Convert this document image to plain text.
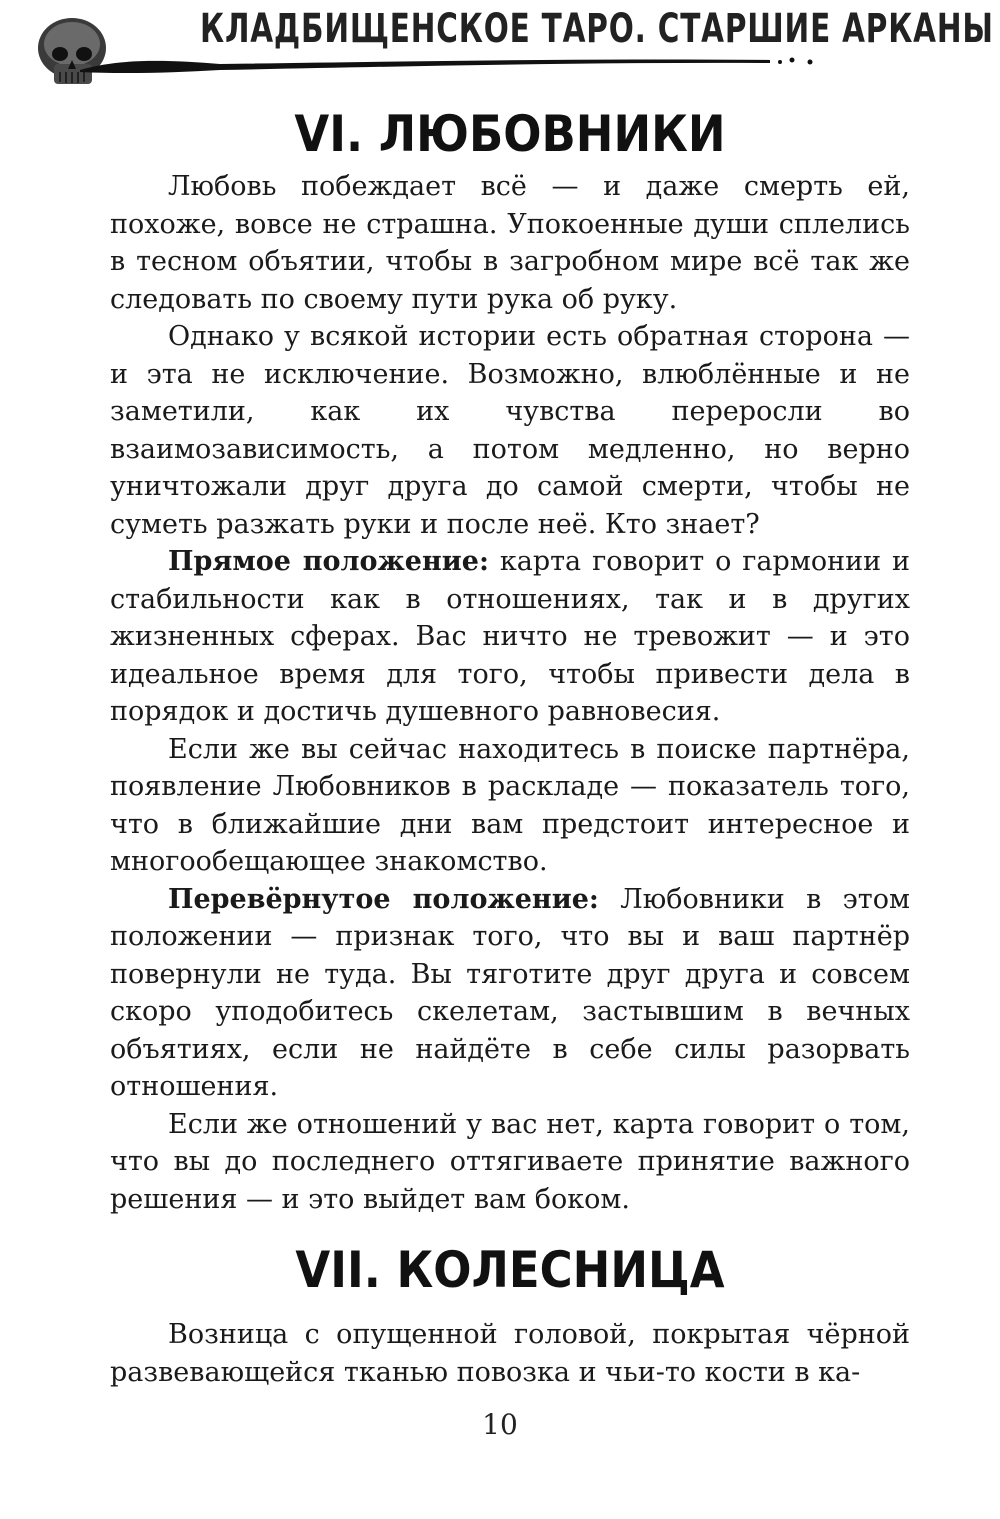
КЛАДБИЩЕНСКОЕ ТАРО. СТАРШИЕ АРКАНЫ
VI. ЛЮБОВНИКИ

Любовь побеждает всё — и даже смерть ей, похоже, вовсе не страшна. Упокоенные души сплелись в тесном объятии, чтобы в загробном мире всё так же следовать по своему пути рука об руку.

Однако у всякой истории есть обратная сторона — и эта не исключение. Возможно, влюблённые и не заметили, как их чувства переросли во взаимозависимость, а потом медленно, но верно уничтожали друг друга до самой смерти, чтобы не суметь разжать руки и после неё. Кто знает?

Прямое положение: карта говорит о гармонии и стабильности как в отношениях, так и в других жизненных сферах. Вас ничто не тревожит — и это идеальное время для того, чтобы привести дела в порядок и достичь душевного равновесия.

Если же вы сейчас находитесь в поиске партнёра, появление Любовников в раскладе — показатель того, что в ближайшие дни вам предстоит интересное и многообещающее знакомство.

Перевёрнутое положение: Любовники в этом положении — признак того, что вы и ваш партнёр повернули не туда. Вы тяготите друг друга и совсем скоро уподобитесь скелетам, застывшим в вечных объятиях, если не найдёте в себе силы разорвать отношения.

Если же отношений у вас нет, карта говорит о том, что вы до последнего оттягиваете принятие важного решения — и это выйдет вам боком.

VII. КОЛЕСНИЦА

Возница с опущенной головой, покрытая чёрной развевающейся тканью повозка и чьи-то кости в ка-

10
